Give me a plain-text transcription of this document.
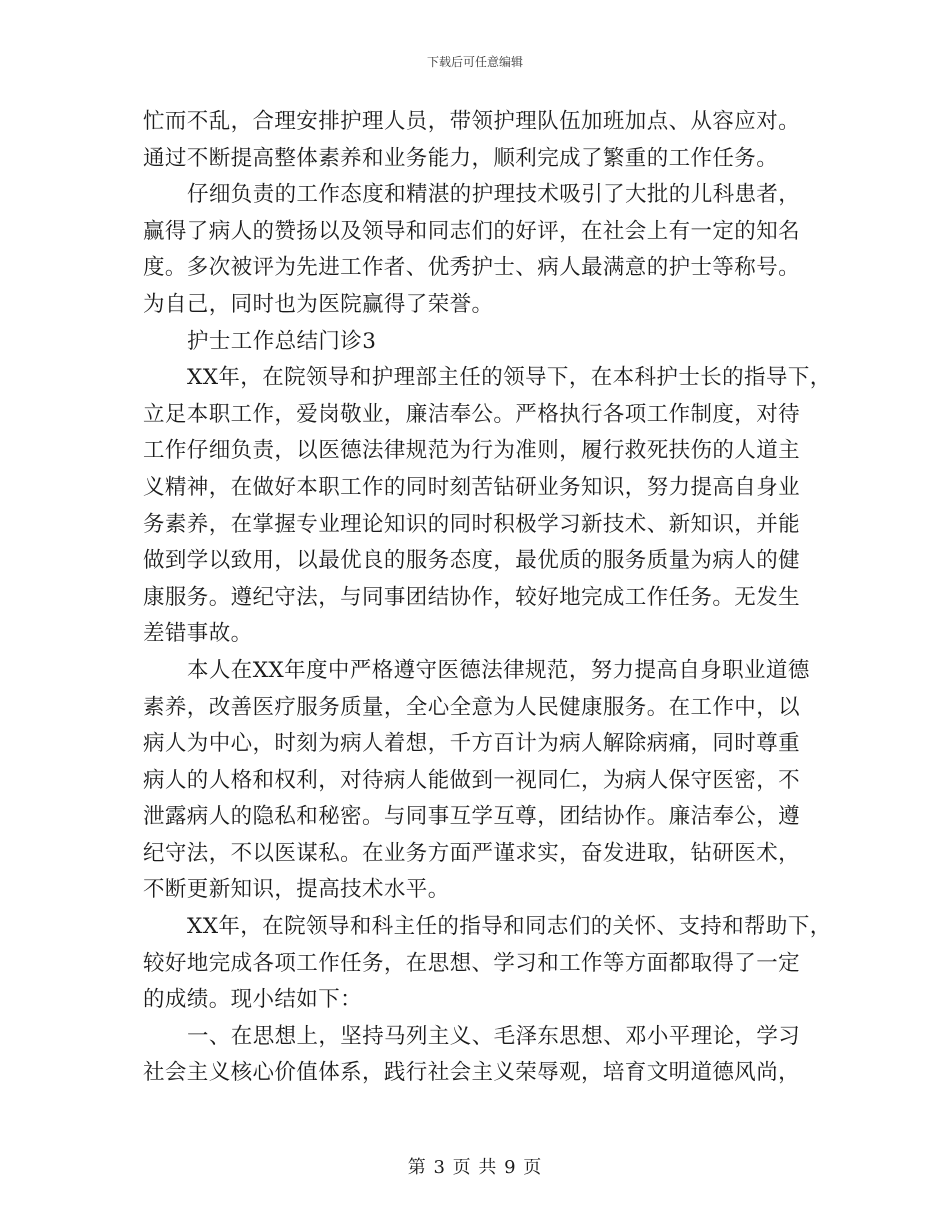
下载后可任意编辑
忙而不乱，合理安排护理人员，带领护理队伍加班加点、从容应对。
通过不断提高整体素养和业务能力，顺利完成了繁重的工作任务。
仔细负责的工作态度和精湛的护理技术吸引了大批的儿科患者，
赢得了病人的赞扬以及领导和同志们的好评，在社会上有一定的知名
度。多次被评为先进工作者、优秀护士、病人最满意的护士等称号。
为自己，同时也为医院赢得了荣誉。
护士工作总结门诊3
XX年，在院领导和护理部主任的领导下，在本科护士长的指导下，
立足本职工作，爱岗敬业，廉洁奉公。严格执行各项工作制度，对待
工作仔细负责，以医德法律规范为行为准则，履行救死扶伤的人道主
义精神，在做好本职工作的同时刻苦钻研业务知识，努力提高自身业
务素养，在掌握专业理论知识的同时积极学习新技术、新知识，并能
做到学以致用，以最优良的服务态度，最优质的服务质量为病人的健
康服务。遵纪守法，与同事团结协作，较好地完成工作任务。无发生
差错事故。
本人在XX年度中严格遵守医德法律规范，努力提高自身职业道德
素养，改善医疗服务质量，全心全意为人民健康服务。在工作中，以
病人为中心，时刻为病人着想，千方百计为病人解除病痛，同时尊重
病人的人格和权利，对待病人能做到一视同仁，为病人保守医密，不
泄露病人的隐私和秘密。与同事互学互尊，团结协作。廉洁奉公，遵
纪守法，不以医谋私。在业务方面严谨求实，奋发进取，钻研医术，
不断更新知识，提高技术水平。
XX年，在院领导和科主任的指导和同志们的关怀、支持和帮助下，
较好地完成各项工作任务，在思想、学习和工作等方面都取得了一定
的成绩。现小结如下：
一、在思想上，坚持马列主义、毛泽东思想、邓小平理论，学习
社会主义核心价值体系，践行社会主义荣辱观，培育文明道德风尚，
第 3 页 共 9 页
